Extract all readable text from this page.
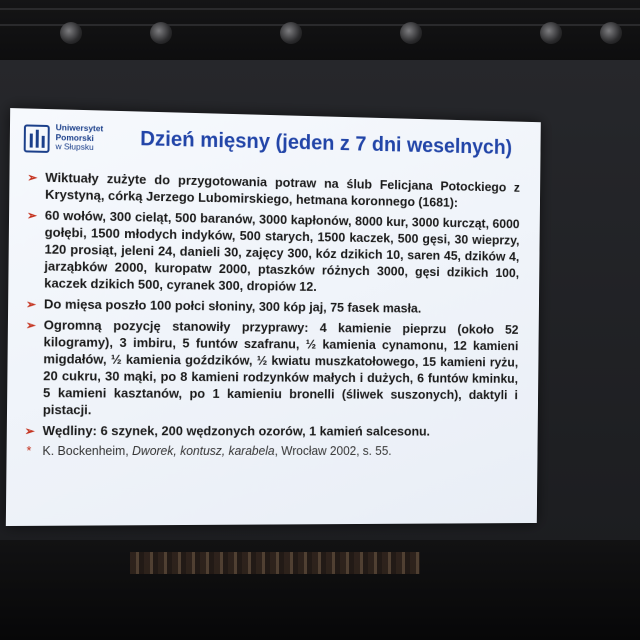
Uniwersytet
Pomorski
w Słupsku	Dzień mięsny (jeden z 7 dni weselnych)
➢ Wiktuały zużyte do przygotowania potraw na ślub Felicjana Potockiego z Krystyną, córką Jerzego Lubomirskiego, hetmana koronnego (1681):
➢ 60 wołów, 300 cieląt, 500 baranów, 3000 kapłonów, 8000 kur, 3000 kurcząt, 6000 gołębi, 1500 młodych indyków, 500 starych, 1500 kaczek, 500 gęsi, 30 wieprzy, 120 prosiąt, jeleni 24, danieli 30, zajęcy 300, kóz dzikich 10, saren 45, dzików 4, jarząbków 2000, kuropatw 2000, ptaszków różnych 3000, gęsi dzikich 100, kaczek dzikich 500, cyranek 300, dropiów 12.
➢ Do mięsa poszło 100 połci słoniny, 300 kóp jaj, 75 fasek masła.
➢ Ogromną pozycję stanowiły przyprawy: 4 kamienie pieprzu (około 52 kilogramy), 3 imbiru, 5 funtów szafranu, ½ kamienia cynamonu, 12 kamieni migdałów, ½ kamienia goździków, ½ kwiatu muszkatołowego, 15 kamieni ryżu, 20 cukru, 30 mąki, po 8 kamieni rodzynków małych i dużych, 6 funtów kminku, 5 kamieni kasztanów, po 1 kamieniu bronelli (śliwek suszonych), daktyli i pistacji.
➢ Wędliny: 6 szynek, 200 wędzonych ozorów, 1 kamień salcesonu.
* K. Bockenheim, Dworek, kontusz, karabela, Wrocław 2002, s. 55.
